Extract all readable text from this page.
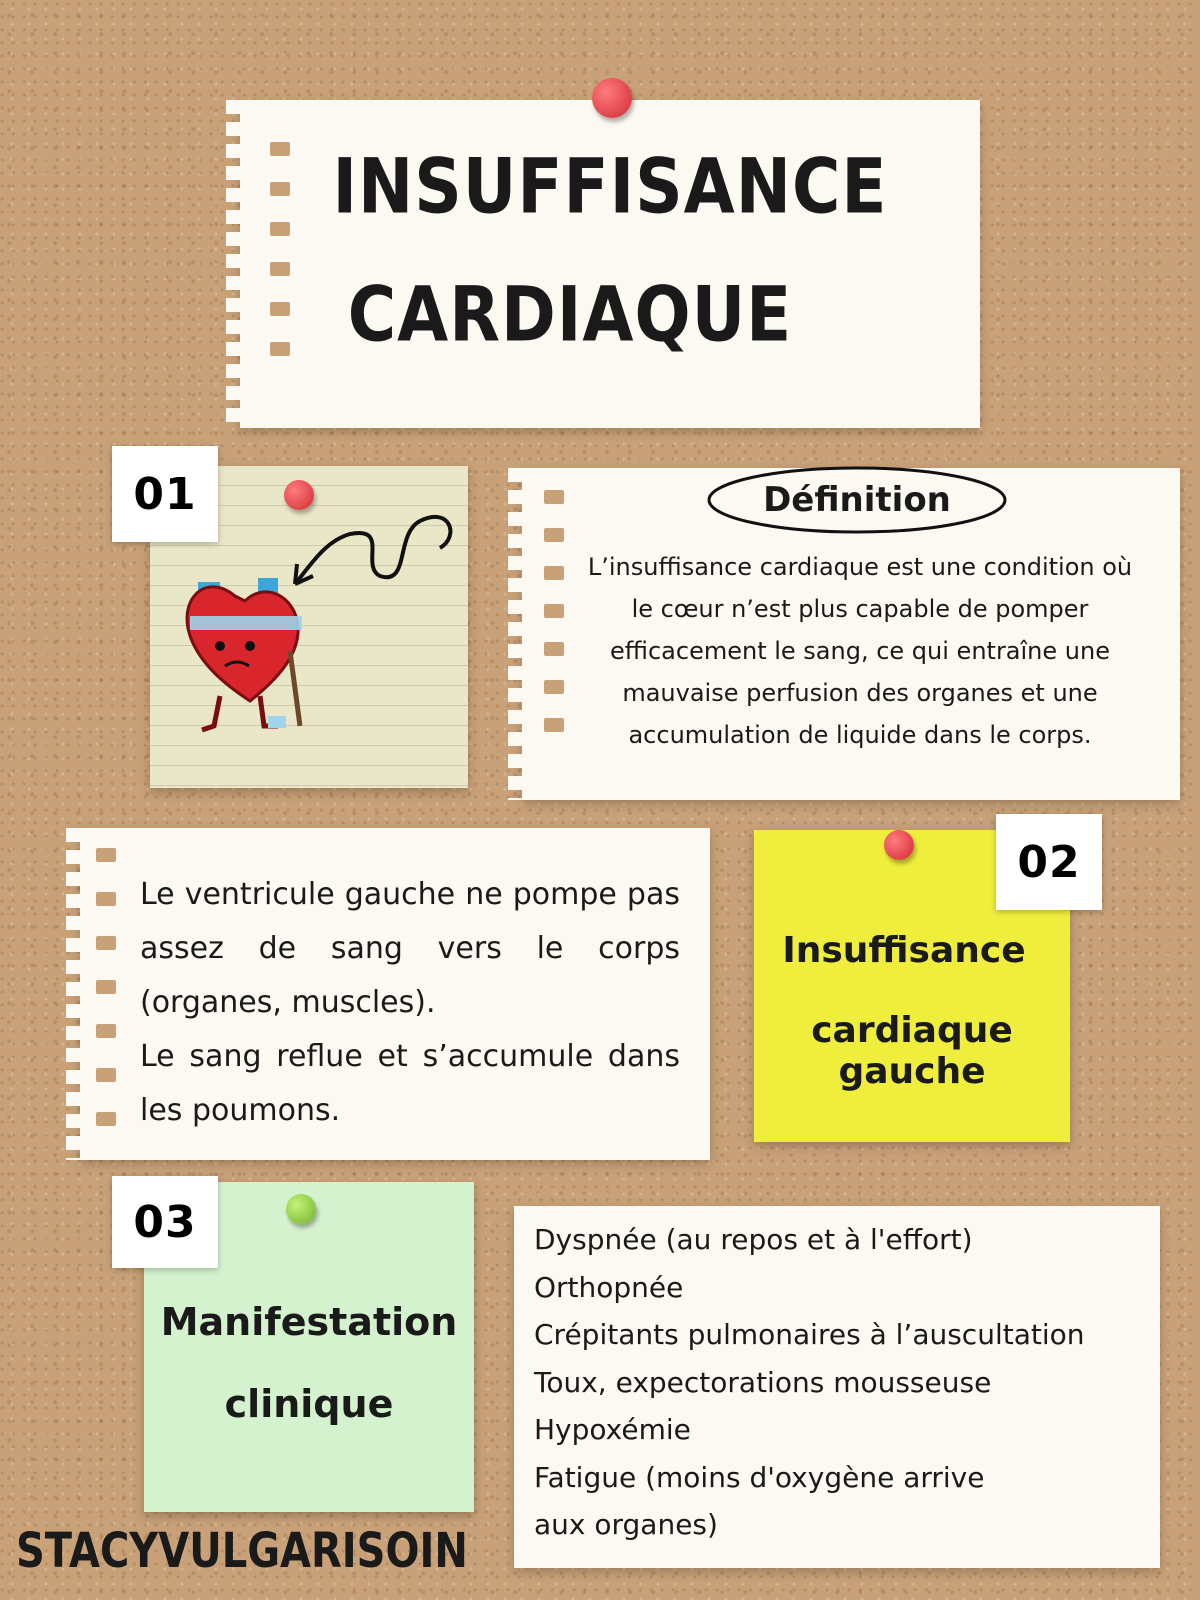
INSUFFISANCE
CARDIAQUE
01	Définition
L’insuffisance cardiaque est une condition où le cœur n’est plus capable de pomper efficacement le sang, ce qui entraîne une mauvaise perfusion des organes et une accumulation de liquide dans le corps.
Le ventricule gauche ne pompe pas assez de sang vers le corps (organes, muscles).
Le sang reflue et s’accumule dans les poumons.
Insuffisance
cardiaque gauche
02
Manifestation
clinique
03	Dyspnée (au repos et à l'effort)
Orthopnée
Crépitants pulmonaires à l’auscultation
Toux, expectorations mousseuse
Hypoxémie
Fatigue (moins d'oxygène arrive
aux organes)
STACYVULGARISOIN
